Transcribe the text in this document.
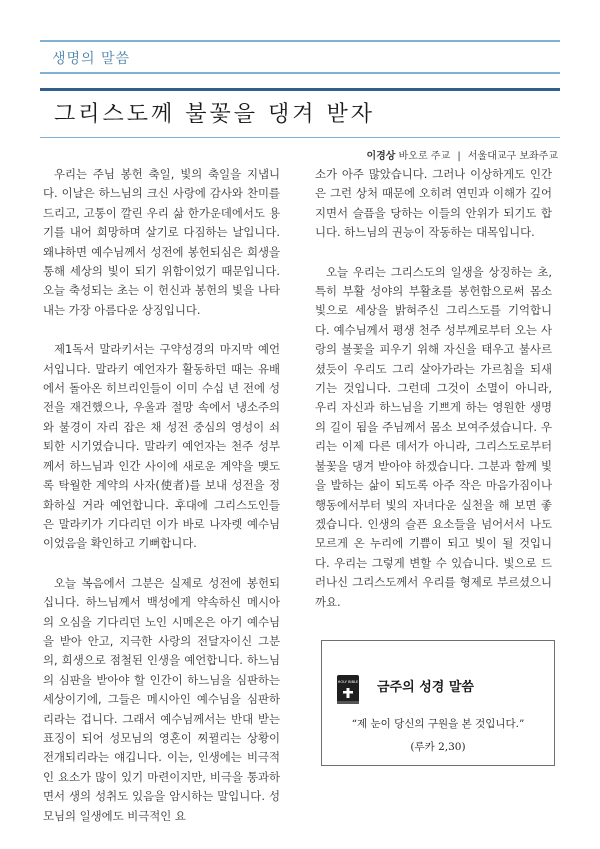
생명의 말씀
그리스도께 불꽃을 댕겨 받자
이경상 바오로 주교 | 서울대교구 보좌주교

우리는 주님 봉헌 축일, 빛의 축일을 지냅니다. 이날은 하느님의 크신 사랑에 감사와 찬미를 드리고, 고통이 깔린 우리 삶 한가운데에서도 용기를 내어 희망하며 살기로 다짐하는 날입니다. 왜냐하면 예수님께서 성전에 봉헌되심은 희생을 통해 세상의 빛이 되기 위함이었기 때문입니다. 오늘 축성되는 초는 이 헌신과 봉헌의 빛을 나타내는 가장 아름다운 상징입니다.

제1독서 말라키서는 구약성경의 마지막 예언서입니다. 말라키 예언자가 활동하던 때는 유배에서 돌아온 히브리인들이 이미 수십 년 전에 성전을 재건했으나, 우울과 절망 속에서 냉소주의와 불경이 자리 잡은 채 성전 중심의 영성이 쇠퇴한 시기였습니다. 말라키 예언자는 천주 성부께서 하느님과 인간 사이에 새로운 계약을 맺도록 탁월한 계약의 사자(使者)를 보내 성전을 정화하실 거라 예언합니다. 후대에 그리스도인들은 말라키가 기다리던 이가 바로 나자렛 예수님이었음을 확인하고 기뻐합니다.

오늘 복음에서 그분은 실제로 성전에 봉헌되십니다. 하느님께서 백성에게 약속하신 메시아의 오심을 기다리던 노인 시메온은 아기 예수님을 받아 안고, 지극한 사랑의 전달자이신 그분의, 희생으로 점철된 인생을 예언합니다. 하느님의 심판을 받아야 할 인간이 하느님을 심판하는 세상이기에, 그들은 메시아인 예수님을 심판하리라는 겁니다. 그래서 예수님께서는 반대 받는 표징이 되어 성모님의 영혼이 찌뀔리는 상황이 전개되리라는 얘깁니다. 이는, 인생에는 비극적인 요소가 많이 있기 마련이지만, 비극을 통과하면서 생의 성취도 있음을 암시하는 말입니다. 성모님의 일생에도 비극적인 요

소가 아주 많았습니다. 그러나 이상하게도 인간은 그런 상처 때문에 오히려 연민과 이해가 깊어지면서 슬픔을 당하는 이들의 안위가 되기도 합니다. 하느님의 권능이 작동하는 대목입니다.

오늘 우리는 그리스도의 일생을 상징하는 초, 특히 부활 성야의 부활초를 봉헌함으로써 몸소 빛으로 세상을 밝혀주신 그리스도를 기억합니다. 예수님께서 평생 천주 성부께로부터 오는 사랑의 불꽃을 피우기 위해 자신을 태우고 불사르셨듯이 우리도 그리 살아가라는 가르침을 되새기는 것입니다. 그런데 그것이 소멸이 아니라, 우리 자신과 하느님을 기쁘게 하는 영원한 생명의 길이 됨을 주님께서 몸소 보여주셨습니다. 우리는 이제 다른 데서가 아니라, 그리스도로부터 불꽃을 댕겨 받아야 하겠습니다. 그분과 함께 빛을 발하는 삶이 되도록 아주 작은 마음가짐이나 행동에서부터 빛의 자녀다운 실천을 해 보면 좋겠습니다. 인생의 슬픈 요소들을 넘어서서 나도 모르게 온 누리에 기쁨이 되고 빛이 될 것입니다. 우리는 그렇게 변할 수 있습니다. 빛으로 드러나신 그리스도께서 우리를 형제로 부르셨으니까요.

HOLY BIBLE 금주의 성경 말씀
“제 눈이 당신의 구원을 본 것입니다.”
(루카 2,30)
